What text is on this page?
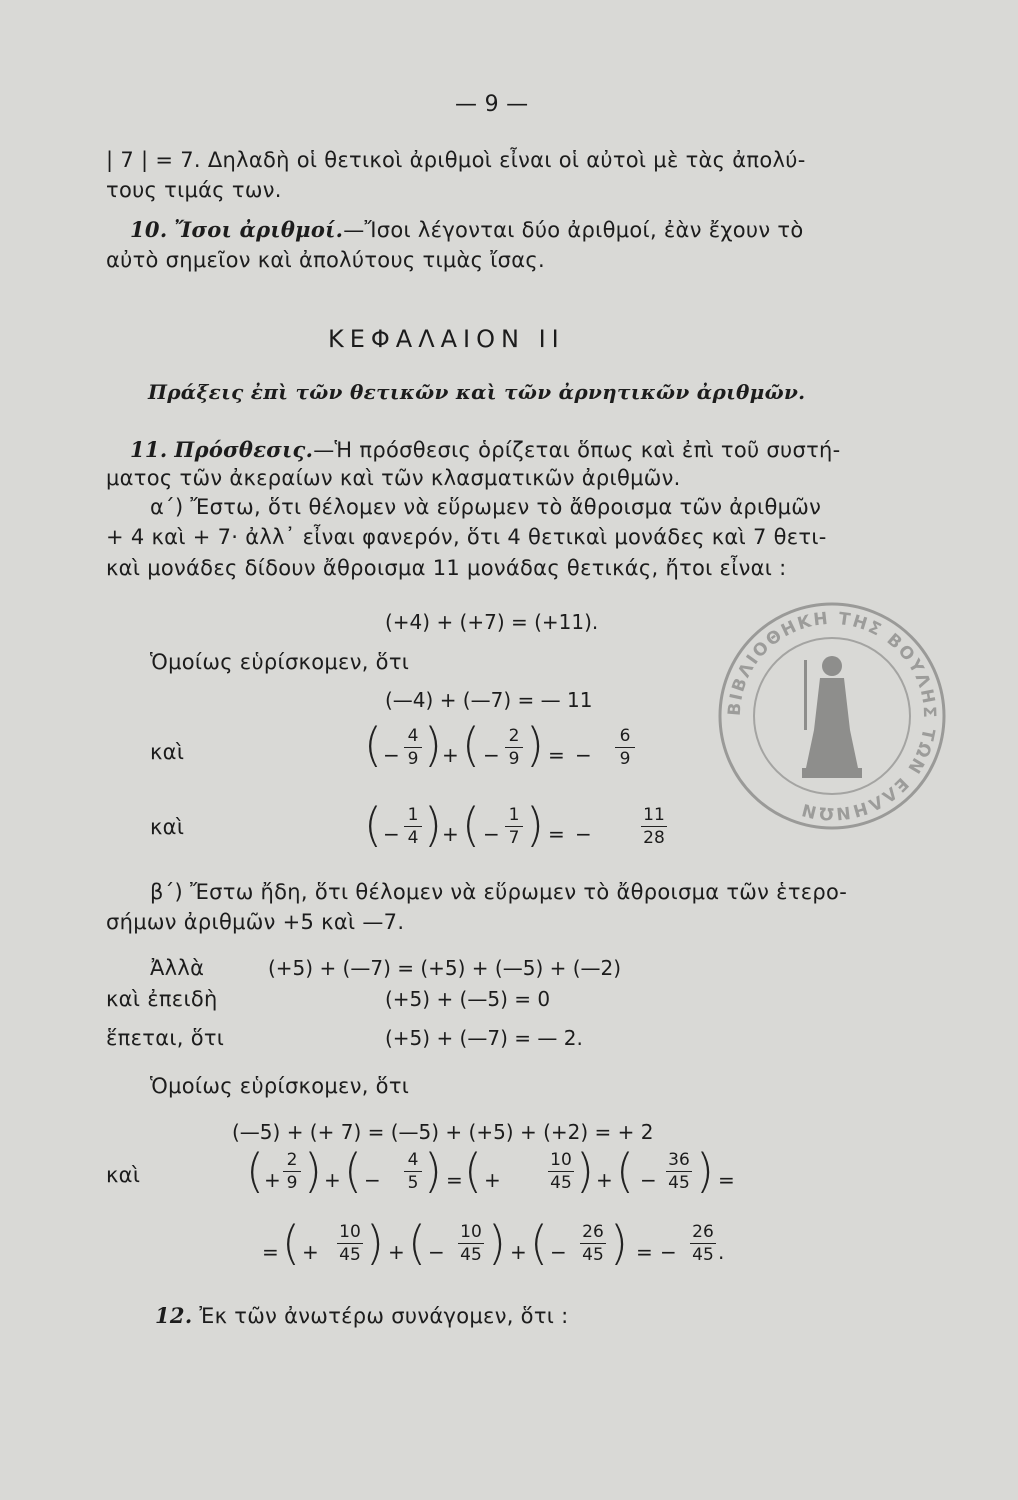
— 9 —
| 7 | = 7. Δηλαδὴ οἱ θετικοὶ ἀριθμοὶ εἶναι οἱ αὐτοὶ μὲ τὰς ἀπολύ-
τους τιμάς των.
10. Ἴσοι ἀριθμοί.—Ἴσοι λέγονται δύο ἀριθμοί, ἐὰν ἔχουν τὸ
αὐτὸ σημεῖον καὶ ἀπολύτους τιμὰς ἴσας.
ΚΕΦΑΛΑΙΟΝ ΙΙ
Πράξεις ἐπὶ τῶν θετικῶν καὶ τῶν ἀρνητικῶν ἀριθμῶν.
11. Πρόσθεσις.—Ἡ πρόσθεσις ὁρίζεται ὅπως καὶ ἐπὶ τοῦ συστή-
ματος τῶν ἀκεραίων καὶ τῶν κλασματικῶν ἀριθμῶν.
α΄) Ἔστω, ὅτι θέλομεν νὰ εὕρωμεν τὸ ἄθροισμα τῶν ἀριθμῶν
+ 4 καὶ + 7· ἀλλ᾽ εἶναι φανερόν, ὅτι 4 θετικαὶ μονάδες καὶ 7 θετι-
καὶ μονάδες δίδουν ἄθροισμα 11 μονάδας θετικάς, ἤτοι εἶναι :
(+4) + (+7) = (+11).
Ὁμοίως εὑρίσκομεν, ὅτι
(—4) + (—7) = — 11
καὶ	( −
4
9 ) + ( −
2
9 ) = −
6
9
καὶ	( −
1
4 ) + ( −
1
7 ) = −
11
28
β΄) Ἔστω ἤδη, ὅτι θέλομεν νὰ εὕρωμεν τὸ ἄθροισμα τῶν ἑτερο-
σήμων ἀριθμῶν +5 καὶ —7.
Ἀλλὰ	(+5) + (—7) = (+5) + (—5) + (—2)
καὶ ἐπειδὴ	(+5) + (—5) = 0
ἕπεται, ὅτι	(+5) + (—7) = — 2.
Ὁμοίως εὑρίσκομεν, ὅτι
(—5) + (+ 7) = (—5) + (+5) + (+2) = + 2
καὶ ( +
2
9 ) + ( −
4
5 ) = ( +
10
45 ) + ( −
36
45 ) =
= ( +
10
45 ) + ( −
10
45 ) + ( −
26
45 ) = −
26
45 .
12. Ἐκ τῶν ἀνωτέρω συνάγομεν, ὅτι :
ΒΙΒΛΙΟΘΗΚΗ ΤΗΣ ΒΟΥΛΗΣ ΤΩΝ ΕΛΛΗΝΩΝ
